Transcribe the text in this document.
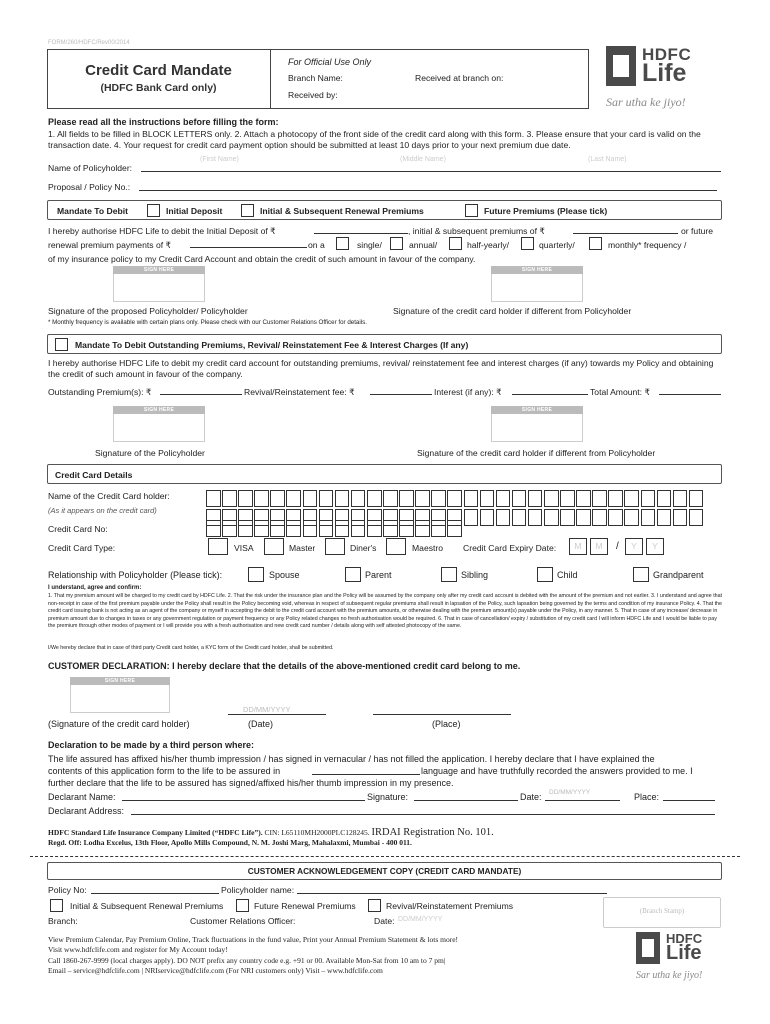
FORM/260/HDFC/Rev00/2014
Credit Card Mandate
(HDFC Bank Card only)
For Official Use Only
Branch Name:	Received at branch on:
Received by:
HDFC
Life
Sar utha ke jiyo!
Please read all the instructions before filling the form:
1. All fields to be filled in BLOCK LETTERS only. 2. Attach a photocopy of the front side of the credit card along with this form. 3. Please ensure that your card is valid on the transaction date. 4. Your request for credit card payment option should be submitted at least 10 days prior to your next premium due date.
(First Name)	(Middle Name)	(Last Name)
Name of Policyholder:
Proposal / Policy No.:
Mandate To Debit	Initial Deposit	Initial & Subsequent Renewal Premiums	Future Premiums (Please tick)
I hereby authorise HDFC Life to debit the Initial Deposit of ₹	, initial & subsequent premiums of ₹	or future
renewal premium payments of ₹	on a	single/	annual/	half-yearly/	quarterly/	monthly* frequency /
of my insurance policy to my Credit Card Account and obtain the credit of such amount in favour of the company.
SIGN HERE	SIGN HERE
Signature of the proposed Policyholder/ Policyholder	Signature of the credit card holder if different from Policyholder
* Monthly frequency is available with certain plans only. Please check with our Customer Relations Officer for details.
Mandate To Debit Outstanding Premiums, Revival/ Reinstatement Fee & Interest Charges (If any)
I hereby authorise HDFC Life to debit my credit card account for outstanding premiums, revival/ reinstatement fee and interest charges (if any) towards my Policy and obtaining the credit of such amount in favour of the company.
Outstanding Premium(s): ₹	Revival/Reinstatement fee: ₹	Interest (if any): ₹	Total Amount: ₹
SIGN HERE	SIGN HERE
Signature of the Policyholder	Signature of the credit card holder if different from Policyholder
Credit Card Details
Name of the Credit Card holder:
(As it appears on the credit card)
Credit Card No:
Credit Card Type:	VISA	Master	Diner's	Maestro Credit Card Expiry Date:	M	M	/	Y	Y
Relationship with Policyholder (Please tick):	Spouse	Parent	Sibling	Child	Grandparent
I understand, agree and confirm:
1. That my premium amount will be charged to my credit card by HDFC Life. 2. That the risk under the insurance plan and the Policy will be assumed by the company only after my credit card account is debited with the amount of the premium and not earlier. 3. I understand and agree that non-receipt in case of the first premium payable under the Policy shall result in the Policy becoming void, whereas in respect of subsequent regular premiums shall result in lapsation of the Policy, such lapsation being governed by the terms and condition of my insurance Policy. 4. That the credit card issuing bank is not acting as an agent of the company or myself in accepting the debit to the credit card account with the premium amounts, or otherwise dealing with the premium amount(s) payable under the Policy, in any manner. 5. That in case of any increase/ decrease in premium amount due to changes in taxes or any government regulation or payment frequency or any Policy related changes no fresh authorisation would be required. 6. That in case of cancellation/ expiry / substitution of my credit card I will inform HDFC Life and I would be liable to pay the premium through other modes of payment or I will provide you with a fresh authorisation and new credit card number / details along with self attested photocopy of the same.
I/We hereby declare that in case of third party Credit card holder, a KYC form of the Credit card holder, shall be submitted.
CUSTOMER DECLARATION: I hereby declare that the details of the above-mentioned credit card belong to me.
SIGN HERE
DD/MM/YYYY
(Signature of the credit card holder)	(Date)	(Place)
Declaration to be made by a third person where:
The life assured has affixed his/her thumb impression / has signed in vernacular / has not filled the application. I hereby declare that I have explained the
contents of this application form to the life to be assured in	language and have truthfully recorded the answers provided to me. I
further declare that the life to be assured has signed/affixed his/her thumb impression in my presence.
Declarant Name:	Signature:	Date: DD/MM/YYYY	Place:
Declarant Address:
HDFC Standard Life Insurance Company Limited (“HDFC Life”). CIN: L65110MH2000PLC128245. IRDAI Registration No. 101.
Regd. Off: Lodha Excelus, 13th Floor, Apollo Mills Compound, N. M. Joshi Marg, Mahalaxmi, Mumbai - 400 011.
CUSTOMER ACKNOWLEDGEMENT COPY (CREDIT CARD MANDATE)
Policy No:	Policyholder name:
Initial & Subsequent Renewal Premiums	Future Renewal Premiums	Revival/Reinstatement Premiums
Branch:	Customer Relations Officer:	Date: DD/MM/YYYY
(Branch Stamp)
View Premium Calendar, Pay Premium Online, Track fluctuations in the fund value, Print your Annual Premium Statement & lots more!
Visit www.hdfclife.com and register for My Account today!
Call 1860-267-9999 (local charges apply). DO NOT prefix any country code e.g. +91 or 00. Available Mon-Sat from 10 am to 7 pm|
Email – service@hdfclife.com | NRIservice@hdfclife.com (For NRI customers only) Visit – www.hdfclife.com
HDFC
Life
Sar utha ke jiyo!
